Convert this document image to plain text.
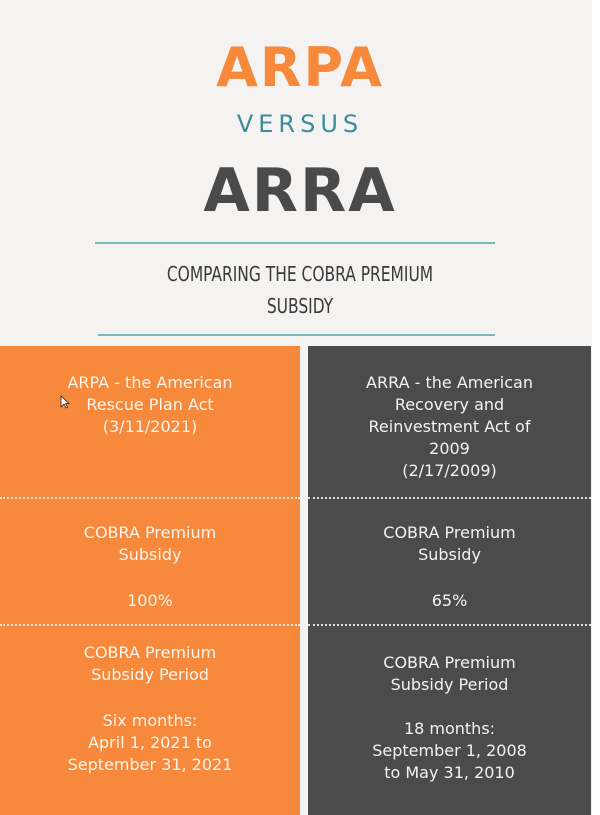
ARPA
VERSUS
ARRA
COMPARING THE COBRA PREMIUM
SUBSIDY
ARPA - the American
Rescue Plan Act
(3/11/2021)
COBRA Premium
Subsidy
100%
COBRA Premium
Subsidy Period
Six months:
April 1, 2021 to
September 31, 2021
ARRA - the American
Recovery and
Reinvestment Act of
2009
(2/17/2009)
COBRA Premium
Subsidy
65%
COBRA Premium
Subsidy Period
18 months:
September 1, 2008
to May 31, 2010
